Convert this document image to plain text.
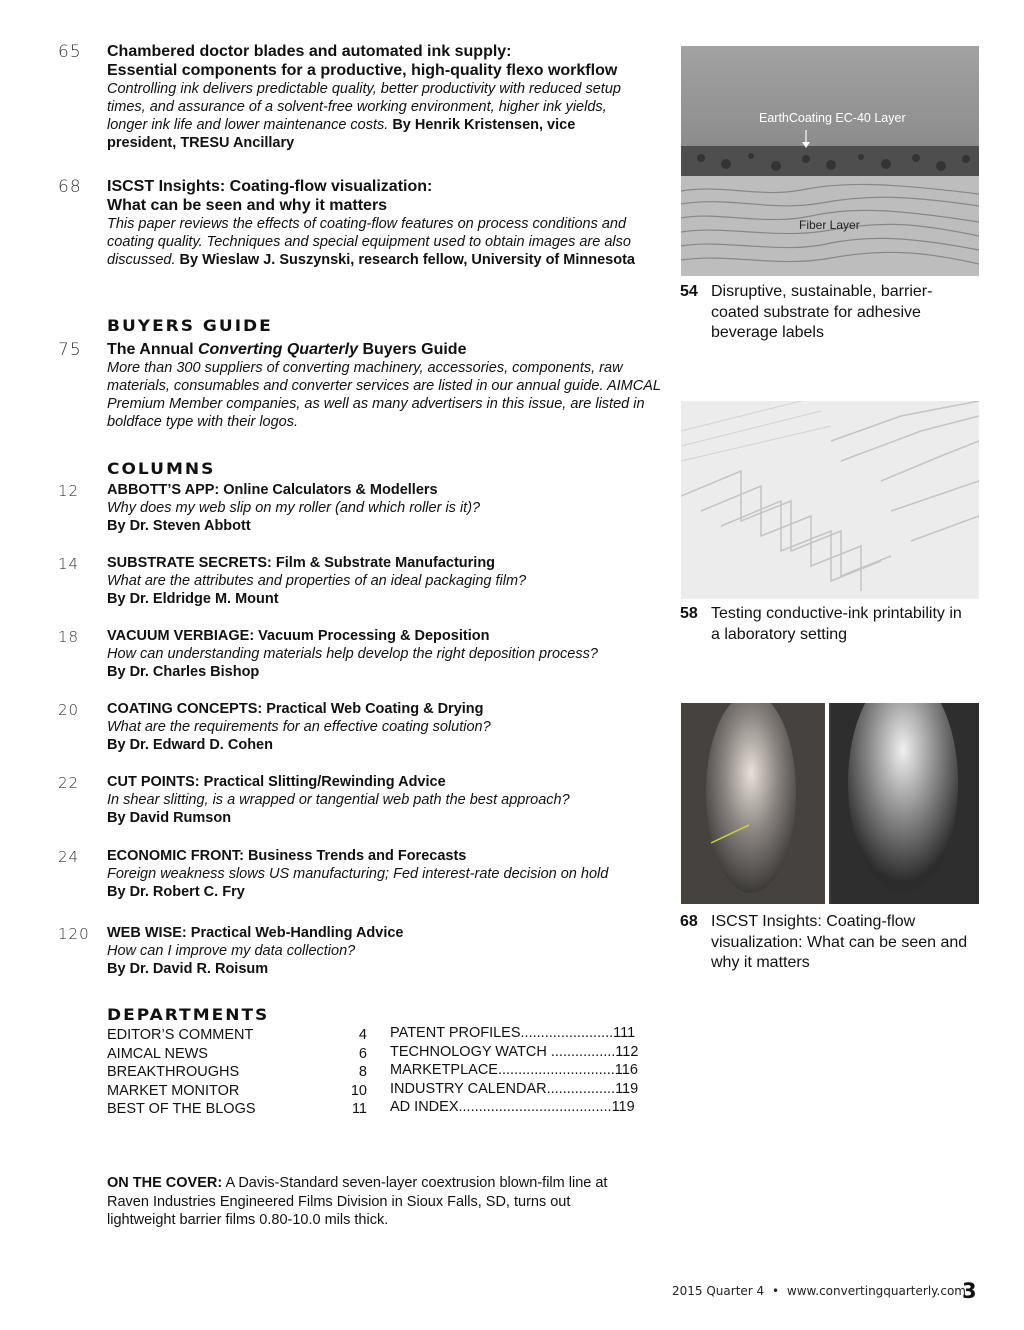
65	Chambered doctor blades and automated ink supply:
Essential components for a productive, high-quality flexo workflow
Controlling ink delivers predictable quality, better productivity with reduced setup times, and assurance of a solvent-free working environment, higher ink yields, longer ink life and lower maintenance costs. By Henrik Kristensen, vice president, TRESU Ancillary
68	ISCST Insights: Coating-flow visualization:
What can be seen and why it matters
This paper reviews the effects of coating-flow features on process conditions and coating quality. Techniques and special equipment used to obtain images are also discussed. By Wieslaw J. Suszynski, research fellow, University of Minnesota
BUYERS GUIDE
75	The Annual Converting Quarterly Buyers Guide
More than 300 suppliers of converting machinery, accessories, components, raw materials, consumables and converter services are listed in our annual guide. AIMCAL Premium Member companies, as well as many advertisers in this issue, are listed in boldface type with their logos.
COLUMNS
12	ABBOTT’S APP: Online Calculators & Modellers
Why does my web slip on my roller (and which roller is it)?
By Dr. Steven Abbott
14	SUBSTRATE SECRETS: Film & Substrate Manufacturing
What are the attributes and properties of an ideal packaging film?
By Dr. Eldridge M. Mount
18	VACUUM VERBIAGE: Vacuum Processing & Deposition
How can understanding materials help develop the right deposition process?
By Dr. Charles Bishop
20	COATING CONCEPTS: Practical Web Coating & Drying
What are the requirements for an effective coating solution?
By Dr. Edward D. Cohen
22	CUT POINTS: Practical Slitting/Rewinding Advice
In shear slitting, is a wrapped or tangential web path the best approach?
By David Rumson
24	ECONOMIC FRONT: Business Trends and Forecasts
Foreign weakness slows US manufacturing; Fed interest-rate decision on hold
By Dr. Robert C. Fry
120	WEB WISE: Practical Web-Handling Advice
How can I improve my data collection?
By Dr. David R. Roisum
DEPARTMENTS
EDITOR’S COMMENT	4
AIMCAL NEWS	6
BREAKTHROUGHS	8
MARKET MONITOR	10
BEST OF THE BLOGS	11
PATENT PROFILES.......................111
TECHNOLOGY WATCH ................112
MARKETPLACE.............................116
INDUSTRY CALENDAR.................119
AD INDEX......................................119
ON THE COVER: A Davis-Standard seven-layer coextrusion blown-film line at Raven Industries Engineered Films Division in Sioux Falls, SD, turns out lightweight barrier films 0.80-10.0 mils thick.
EarthCoating EC-40 Layer
Fiber Layer
54 Disruptive, sustainable, barrier-coated substrate for adhesive beverage labels
58 Testing conductive-ink printability in a laboratory setting
68 ISCST Insights: Coating-flow visualization: What can be seen and why it matters
2015 Quarter 4 • www.convertingquarterly.com
3
